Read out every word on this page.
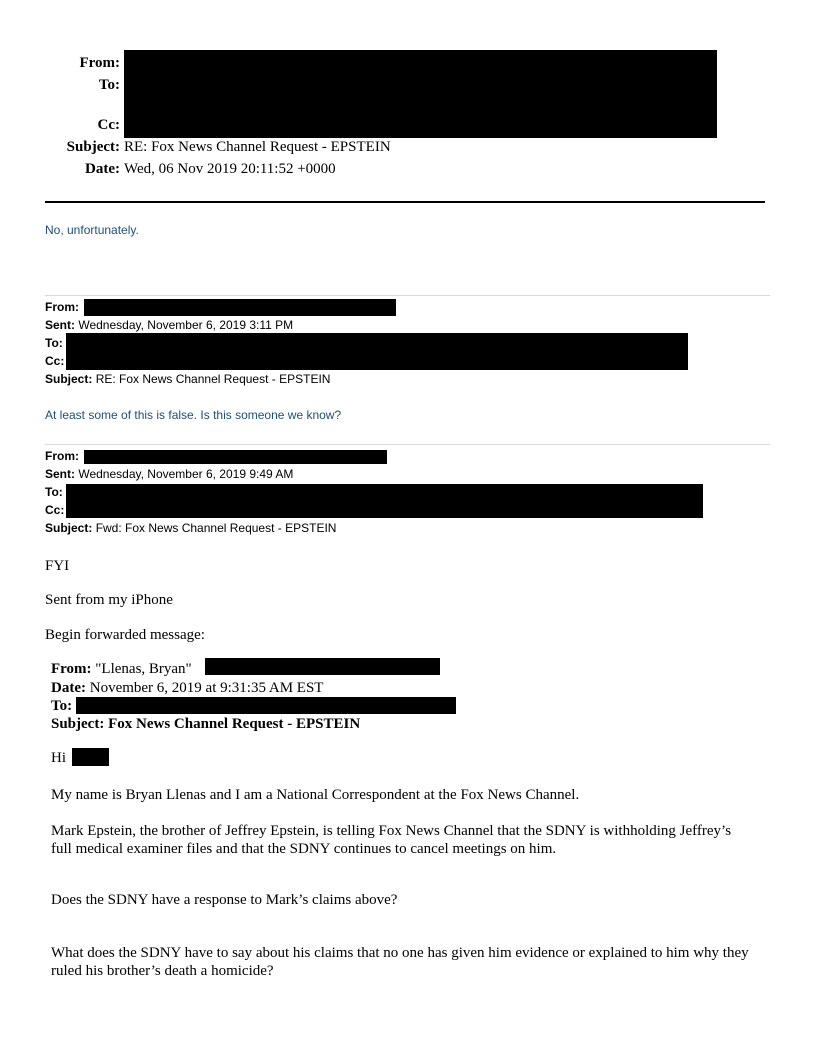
From:
To:
Cc:
Subject: RE: Fox News Channel Request - EPSTEIN
Date: Wed, 06 Nov 2019 20:11:52 +0000
No, unfortunately.
From:
Sent: Wednesday, November 6, 2019 3:11 PM
To:
Cc:
Subject: RE: Fox News Channel Request - EPSTEIN
At least some of this is false. Is this someone we know?
From:
Sent: Wednesday, November 6, 2019 9:49 AM
To:
Cc:
Subject: Fwd: Fox News Channel Request - EPSTEIN
FYI
Sent from my iPhone
Begin forwarded message:
From: "Llenas, Bryan"
Date: November 6, 2019 at 9:31:35 AM EST
To:
Subject: Fox News Channel Request - EPSTEIN
Hi
My name is Bryan Llenas and I am a National Correspondent at the Fox News Channel.
Mark Epstein, the brother of Jeffrey Epstein, is telling Fox News Channel that the SDNY is withholding Jeffrey’s full medical examiner files and that the SDNY continues to cancel meetings on him.
Does the SDNY have a response to Mark’s claims above?
What does the SDNY have to say about his claims that no one has given him evidence or explained to him why they ruled his brother’s death a homicide?
